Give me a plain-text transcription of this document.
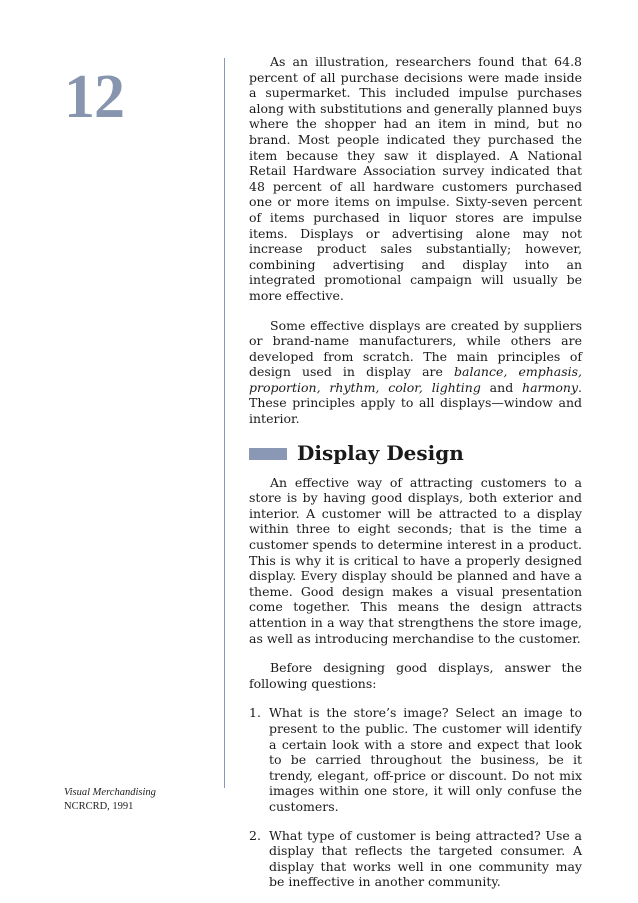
12
Visual Merchandising
NCRCRD, 1991

As an illustration, researchers found that 64.8 percent of all purchase decisions were made inside a supermarket. This included impulse purchases along with substitutions and generally planned buys where the shopper had an item in mind, but no brand. Most people indicated they purchased the item because they saw it displayed. A National Retail Hardware Association survey indicated that 48 percent of all hardware customers purchased one or more items on impulse. Sixty-seven percent of items purchased in liquor stores are impulse items. Displays or advertising alone may not increase product sales substantially; however, combining advertising and display into an integrated promotional campaign will usually be more effective.

Some effective displays are created by suppliers or brand-name manufacturers, while others are developed from scratch. The main principles of design used in display are balance, emphasis, proportion, rhythm, color, lighting and harmony. These principles apply to all displays—window and interior.

Display Design

An effective way of attracting customers to a store is by having good displays, both exterior and interior. A customer will be attracted to a display within three to eight seconds; that is the time a customer spends to determine interest in a product. This is why it is critical to have a properly designed display. Every display should be planned and have a theme. Good design makes a visual presentation come together. This means the design attracts attention in a way that strengthens the store image, as well as introducing merchandise to the customer.

Before designing good displays, answer the following questions:

1. What is the store’s image? Select an image to present to the public. The customer will identify a certain look with a store and expect that look to be carried throughout the business, be it trendy, elegant, off-price or discount. Do not mix images within one store, it will only confuse the customers.
2. What type of customer is being attracted? Use a display that reflects the targeted consumer. A display that works well in one community may be ineffective in another community.
